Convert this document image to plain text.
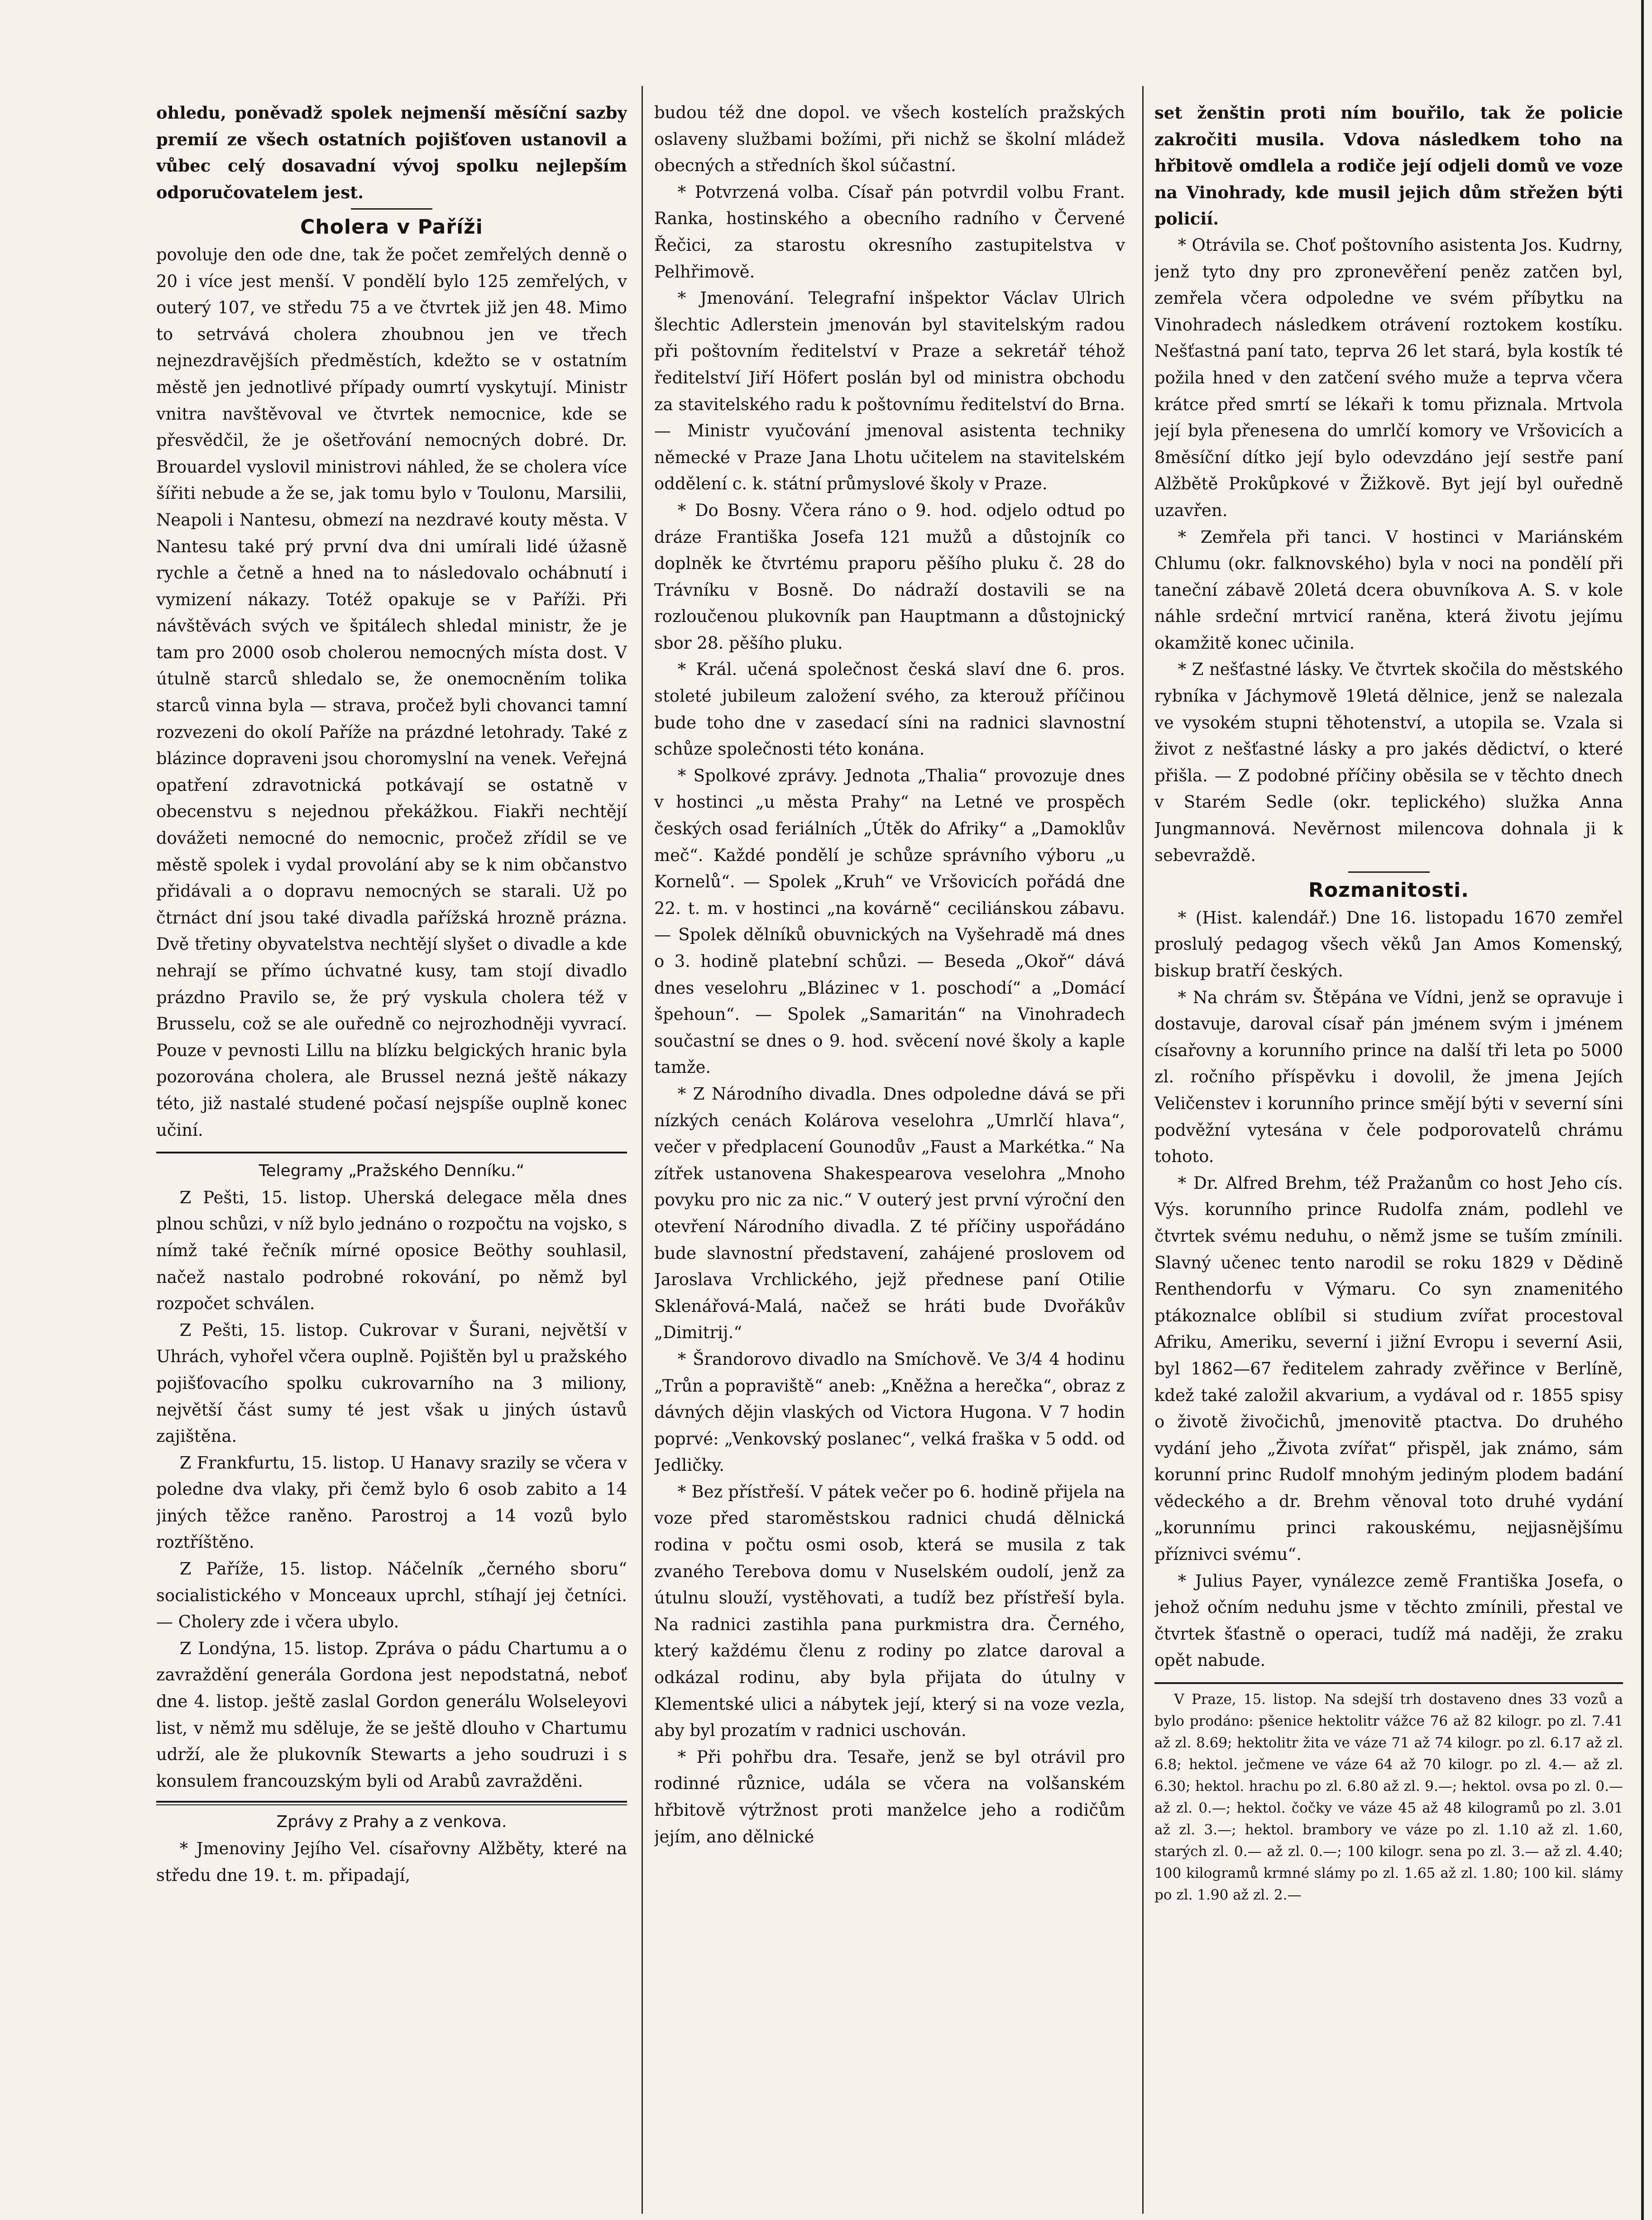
ohledu, poněvadž spolek nejmenší měsíční sazby premií ze všech ostatních pojišťoven ustanovil a vůbec celý dosavadní vývoj spolku nejlepším odporučovatelem jest.

Cholera v Paříži

povoluje den ode dne, tak že počet zemřelých denně o 20 i více jest menší. V pondělí bylo 125 zemřelých, v outerý 107, ve středu 75 a ve čtvrtek již jen 48. Mimo to setrvává cholera zhoubnou jen ve třech nejnezdravějších předměstích, kdežto se v ostatním městě jen jednotlivé případy oumrtí vyskytují. Ministr vnitra navštěvoval ve čtvrtek nemocnice, kde se přesvědčil, že je ošetřování nemocných dobré. Dr. Brouardel vyslovil ministrovi náhled, že se cholera více šířiti nebude a že se, jak tomu bylo v Toulonu, Marsilii, Neapoli i Nantesu, obmezí na nezdravé kouty města. V Nantesu také prý první dva dni umírali lidé úžasně rychle a četně a hned na to následovalo ochábnutí i vymizení nákazy. Totéž opakuje se v Paříži. Při návštěvách svých ve špitálech shledal ministr, že je tam pro 2000 osob cholerou nemocných místa dost. V útulně starců shledalo se, že onemocněním tolika starců vinna byla — strava, pročež byli chovanci tamní rozvezeni do okolí Paříže na prázdné letohrady. Také z blázince dopraveni jsou choromyslní na venek. Veřejná opatření zdravotnická potkávají se ostatně v obecenstvu s nejednou překážkou. Fiakři nechtějí dovážeti nemocné do nemocnic, pročež zřídil se ve městě spolek i vydal provolání aby se k nim občanstvo přidávali a o dopravu nemocných se starali. Už po čtrnáct dní jsou také divadla pařížská hrozně prázna. Dvě třetiny obyvatelstva nechtějí slyšet o divadle a kde nehrají se přímo úchvatné kusy, tam stojí divadlo prázdno Pravilo se, že prý vyskula cholera též v Brusselu, což se ale ouředně co nejrozhodněji vyvrací. Pouze v pevnosti Lillu na blízku belgických hranic byla pozorována cholera, ale Brussel nezná ještě nákazy této, již nastalé studené počasí nejspíše ouplně konec učiní.

Telegramy „Pražského Denníku.“

Z Pešti, 15. listop. Uherská delegace měla dnes plnou schůzi, v níž bylo jednáno o rozpočtu na vojsko, s nímž také řečník mírné oposice Beöthy souhlasil, načež nastalo podrobné rokování, po němž byl rozpočet schválen.

Z Pešti, 15. listop. Cukrovar v Šurani, největší v Uhrách, vyhořel včera ouplně. Pojištěn byl u pražského pojišťovacího spolku cukrovarního na 3 miliony, největší část sumy té jest však u jiných ústavů zajištěna.

Z Frankfurtu, 15. listop. U Hanavy srazily se včera v poledne dva vlaky, při čemž bylo 6 osob zabito a 14 jiných těžce raněno. Parostroj a 14 vozů bylo roztříštěno.

Z Paříže, 15. listop. Náčelník „černého sboru“ socialistického v Monceaux uprchl, stíhají jej četníci. — Cholery zde i včera ubylo.

Z Londýna, 15. listop. Zpráva o pádu Chartumu a o zavraždění generála Gordona jest nepodstatná, neboť dne 4. listop. ještě zaslal Gordon generálu Wolseleyovi list, v němž mu sděluje, že se ještě dlouho v Chartumu udrží, ale že plukovník Stewarts a jeho soudruzi i s konsulem francouzským byli od Arabů zavražděni.

Zprávy z Prahy a z venkova.

* Jmenoviny Jejího Vel. císařovny Alžběty, které na středu dne 19. t. m. připadají,

budou též dne dopol. ve všech kostelích pražských oslaveny službami božími, při nichž se školní mládež obecných a středních škol súčastní.

* Potvrzená volba. Císař pán potvrdil volbu Frant. Ranka, hostinského a obecního radního v Červené Řečici, za starostu okresního zastupitelstva v Pelhřimově.

* Jmenování. Telegrafní inšpektor Václav Ulrich šlechtic Adlerstein jmenován byl stavitelským radou při poštovním ředitelství v Praze a sekretář téhož ředitelství Jiří Höfert poslán byl od ministra obchodu za stavitelského radu k poštovnímu ředitelství do Brna. — Ministr vyučování jmenoval asistenta techniky německé v Praze Jana Lhotu učitelem na stavitelském oddělení c. k. státní průmyslové školy v Praze.

* Do Bosny. Včera ráno o 9. hod. odjelo odtud po dráze Františka Josefa 121 mužů a důstojník co doplněk ke čtvrtému praporu pěšího pluku č. 28 do Trávníku v Bosně. Do nádraží dostavili se na rozloučenou plukovník pan Hauptmann a důstojnický sbor 28. pěšího pluku.

* Král. učená společnost česká slaví dne 6. pros. stoleté jubileum založení svého, za kterouž příčinou bude toho dne v zasedací síni na radnici slavnostní schůze společnosti této konána.

* Spolkové zprávy. Jednota „Thalia“ provozuje dnes v hostinci „u města Prahy“ na Letné ve prospěch českých osad feriálních „Útěk do Afriky“ a „Damoklův meč“. Každé pondělí je schůze správního výboru „u Kornelů“. — Spolek „Kruh“ ve Vršovicích pořádá dne 22. t. m. v hostinci „na kovárně“ ceciliánskou zábavu. — Spolek dělníků obuvnických na Vyšehradě má dnes o 3. hodině platební schůzi. — Beseda „Okoř“ dává dnes veselohru „Blázinec v 1. poschodí“ a „Domácí špehoun“. — Spolek „Samaritán“ na Vinohradech součastní se dnes o 9. hod. svěcení nové školy a kaple tamže.

* Z Národního divadla. Dnes odpoledne dává se při nízkých cenách Kolárova veselohra „Umrlčí hlava“, večer v předplacení Gounodův „Faust a Markétka.“ Na zítřek ustanovena Shakespearova veselohra „Mnoho povyku pro nic za nic.“ V outerý jest první výroční den otevření Národního divadla. Z té příčiny uspořádáno bude slavnostní představení, zahájené proslovem od Jaroslava Vrchlického, jejž přednese paní Otilie Sklenářová-Malá, načež se hráti bude Dvořákův „Dimitrij.“

* Šrandorovo divadlo na Smíchově. Ve 3/4 4 hodinu „Trůn a popraviště“ aneb: „Kněžna a herečka“, obraz z dávných dějin vlaských od Victora Hugona. V 7 hodin poprvé: „Venkovský poslanec“, velká fraška v 5 odd. od Jedličky.

* Bez přístřeší. V pátek večer po 6. hodině přijela na voze před staroměstskou radnici chudá dělnická rodina v počtu osmi osob, která se musila z tak zvaného Terebova domu v Nuselském oudolí, jenž za útulnu slouží, vystěhovati, a tudíž bez přístřeší byla. Na radnici zastihla pana purkmistra dra. Černého, který každému členu z rodiny po zlatce daroval a odkázal rodinu, aby byla přijata do útulny v Klementské ulici a nábytek její, který si na voze vezla, aby byl prozatím v radnici uschován.

* Při pohřbu dra. Tesaře, jenž se byl otrávil pro rodinné různice, udála se včera na volšanském hřbitově výtržnost proti manželce jeho a rodičům jejím, ano dělnické

set ženštin proti ním bouřilo, tak že policie zakročiti musila. Vdova následkem toho na hřbitově omdlela a rodiče její odjeli domů ve voze na Vinohrady, kde musil jejich dům střežen býti policií.

* Otrávila se. Choť poštovního asistenta Jos. Kudrny, jenž tyto dny pro zpronevěření peněz zatčen byl, zemřela včera odpoledne ve svém příbytku na Vinohradech následkem otrávení roztokem kostíku. Nešťastná paní tato, teprva 26 let stará, byla kostík té požila hned v den zatčení svého muže a teprva včera krátce před smrtí se lékaři k tomu přiznala. Mrtvola její byla přenesena do umrlčí komory ve Vršovicích a 8měsíční dítko její bylo odevzdáno její sestře paní Alžbětě Prokůpkové v Žižkově. Byt její byl ouředně uzavřen.

* Zemřela při tanci. V hostinci v Mariánském Chlumu (okr. falknovského) byla v noci na pondělí při taneční zábavě 20letá dcera obuvníkova A. S. v kole náhle srdeční mrtvicí raněna, která životu jejímu okamžitě konec učinila.

* Z nešťastné lásky. Ve čtvrtek skočila do městského rybníka v Jáchymově 19letá dělnice, jenž se nalezala ve vysokém stupni těhotenství, a utopila se. Vzala si život z nešťastné lásky a pro jakés dědictví, o které přišla. — Z podobné příčiny oběsila se v těchto dnech v Starém Sedle (okr. teplického) služka Anna Jungmannová. Nevěrnost milencova dohnala ji k sebevraždě.

Rozmanitosti.

* (Hist. kalendář.) Dne 16. listopadu 1670 zemřel proslulý pedagog všech věků Jan Amos Komenský, biskup bratří českých.

* Na chrám sv. Štěpána ve Vídni, jenž se opravuje i dostavuje, daroval císař pán jménem svým i jménem císařovny a korunního prince na další tři leta po 5000 zl. ročního příspěvku i dovolil, že jmena Jejích Veličenstev i korunního prince smějí býti v severní síni podvěžní vytesána v čele podporovatelů chrámu tohoto.

* Dr. Alfred Brehm, též Pražanům co host Jeho cís. Výs. korunního prince Rudolfa znám, podlehl ve čtvrtek svému neduhu, o němž jsme se tuším zmínili. Slavný učenec tento narodil se roku 1829 v Dědině Renthendorfu v Výmaru. Co syn znamenitého ptákoznalce oblíbil si studium zvířat procestoval Afriku, Ameriku, severní i jižní Evropu i severní Asii, byl 1862—67 ředitelem zahrady zvěřince v Berlíně, kdež také založil akvarium, a vydával od r. 1855 spisy o životě živočichů, jmenovitě ptactva. Do druhého vydání jeho „Života zvířat“ přispěl, jak známo, sám korunní princ Rudolf mnohým jediným plodem badání vědeckého a dr. Brehm věnoval toto druhé vydání „korunnímu princi rakouskému, nejjasnějšímu příznivci svému“.

* Julius Payer, vynálezce země Františka Josefa, o jehož očním neduhu jsme v těchto zmínili, přestal ve čtvrtek šťastně o operaci, tudíž má naději, že zraku opět nabude.

V Praze, 15. listop. Na sdejší trh dostaveno dnes 33 vozů a bylo prodáno: pšenice hektolitr vážce 76 až 82 kilogr. po zl. 7.41 až zl. 8.69; hektolitr žita ve váze 71 až 74 kilogr. po zl. 6.17 až zl. 6.8; hektol. ječmene ve váze 64 až 70 kilogr. po zl. 4.— až zl. 6.30; hektol. hrachu po zl. 6.80 až zl. 9.—; hektol. ovsa po zl. 0.— až zl. 0.—; hektol. čočky ve váze 45 až 48 kilogramů po zl. 3.01 až zl. 3.—; hektol. brambory ve váze po zl. 1.10 až zl. 1.60, starých zl. 0.— až zl. 0.—; 100 kilogr. sena po zl. 3.— až zl. 4.40; 100 kilogramů krmné slámy po zl. 1.65 až zl. 1.80; 100 kil. slámy po zl. 1.90 až zl. 2.—
